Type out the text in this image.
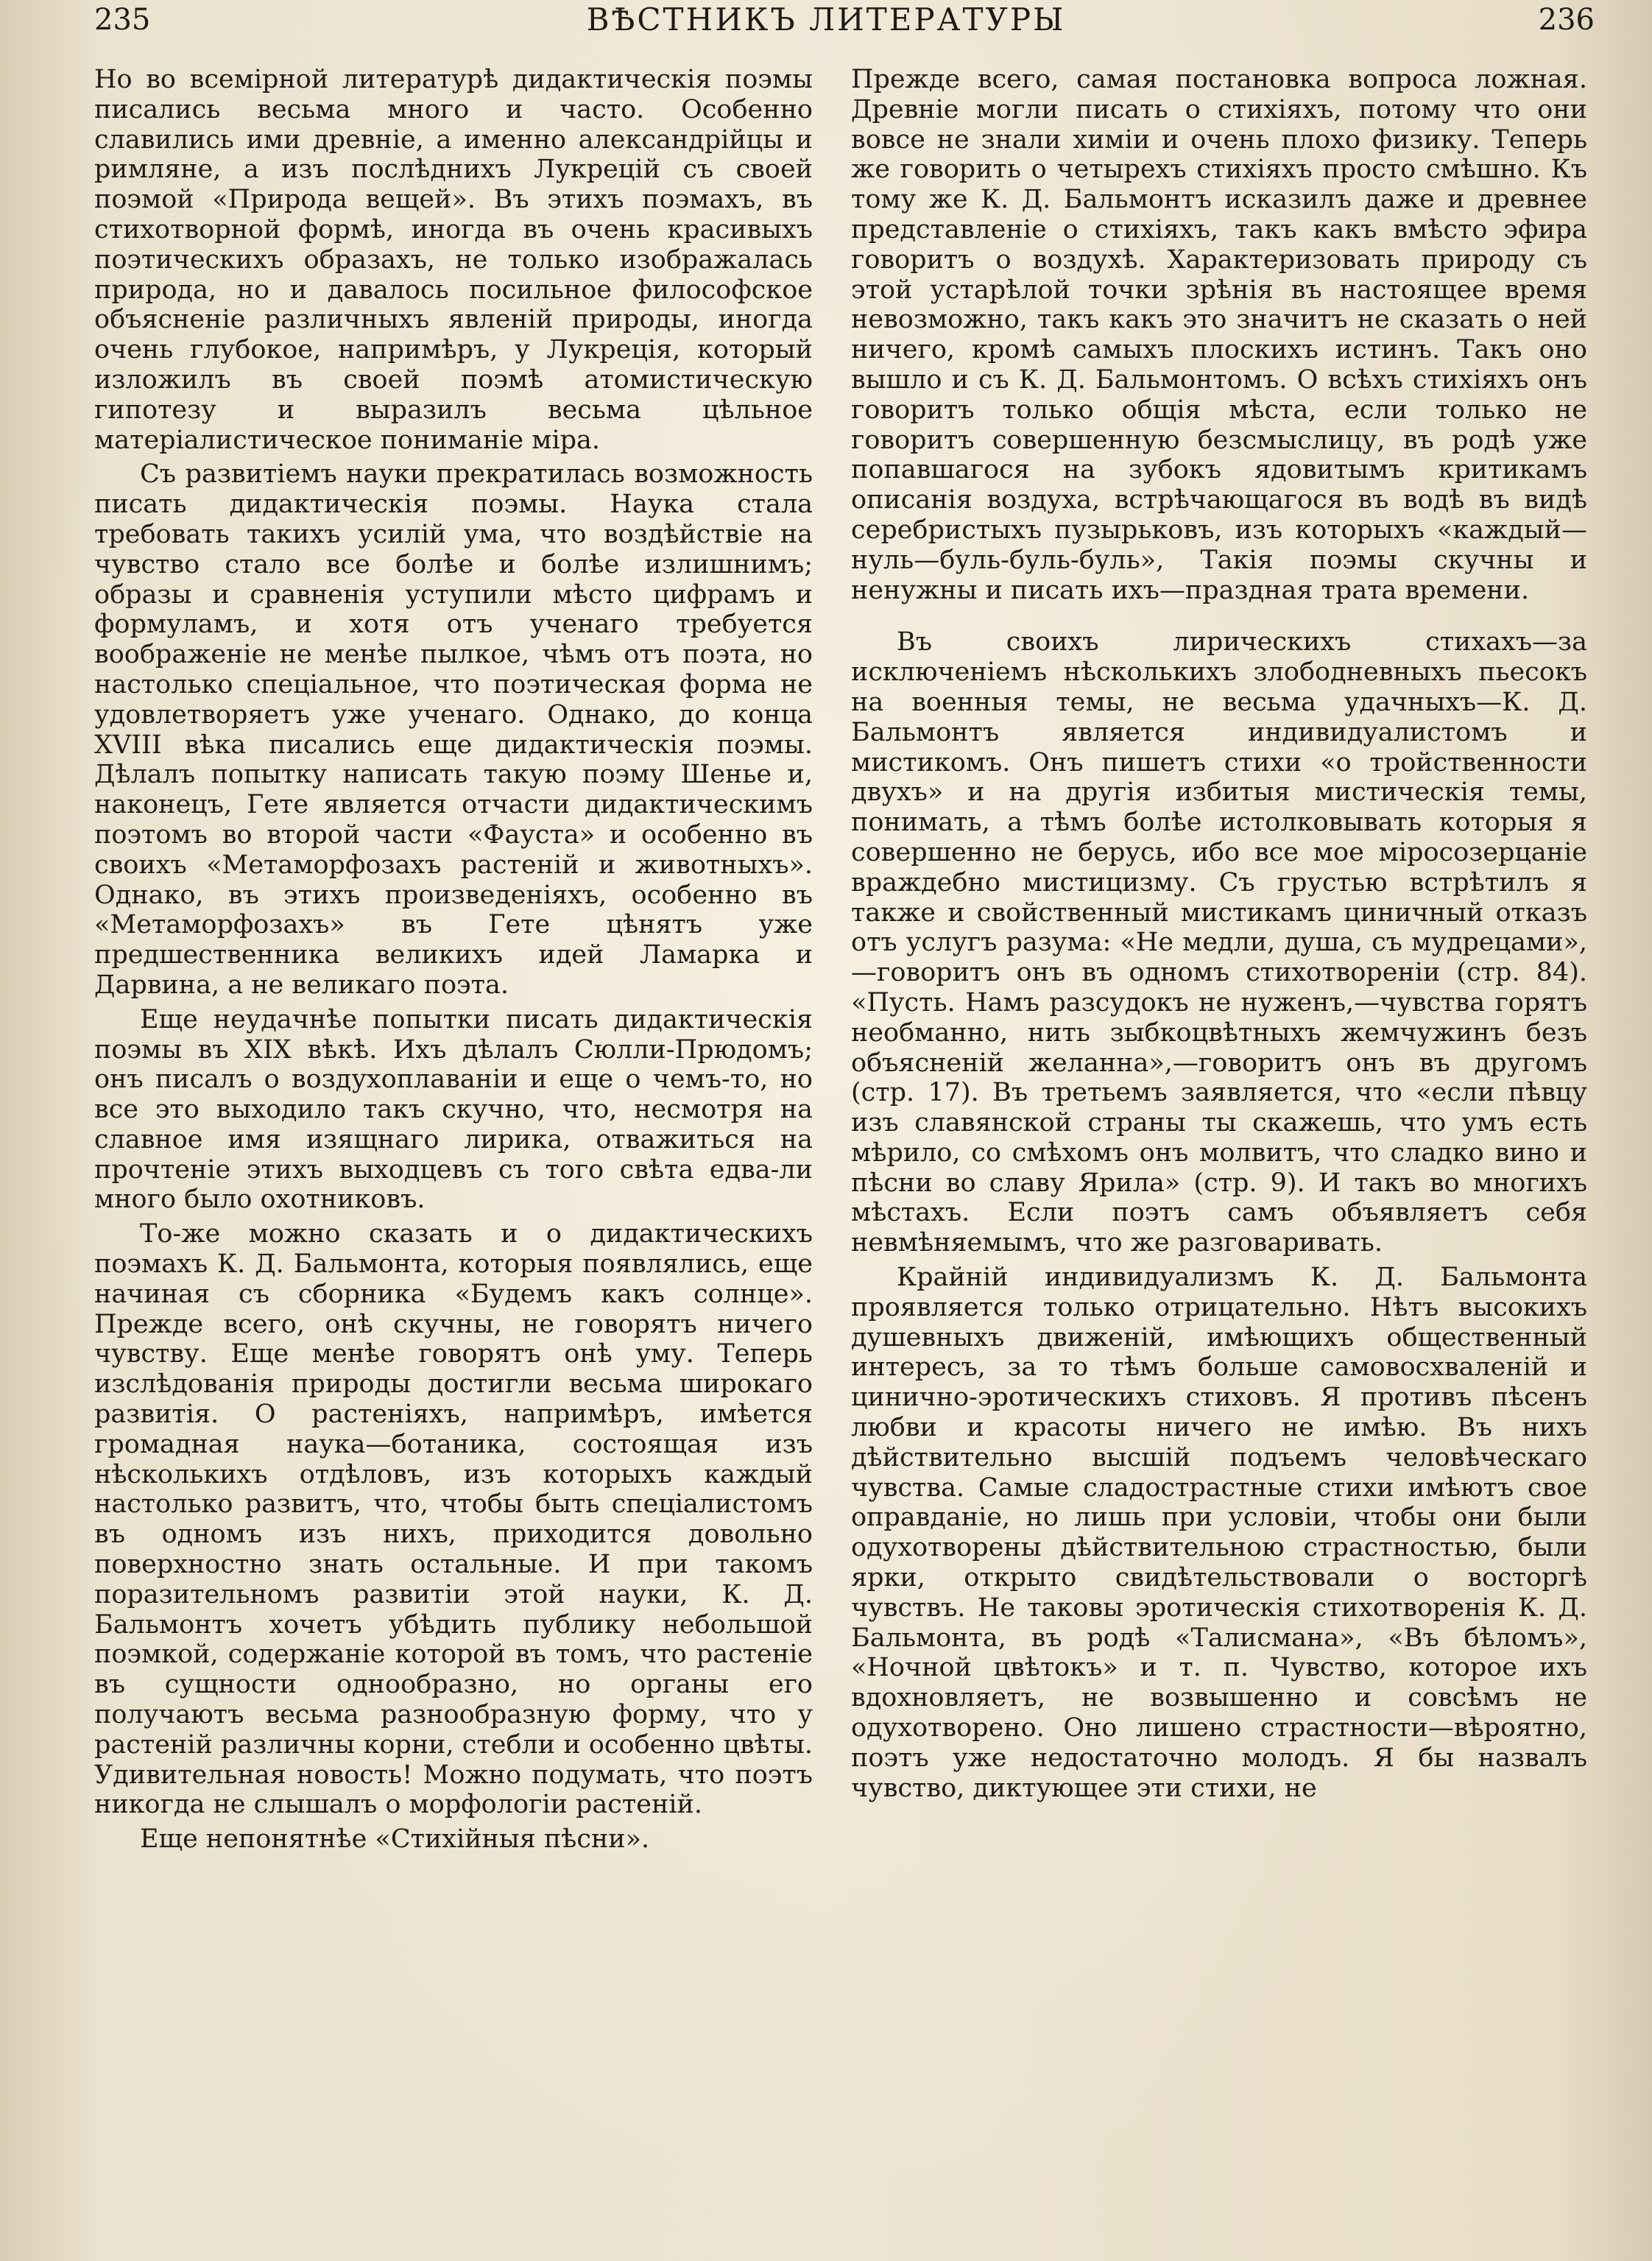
235	ВѢСТНИКЪ ЛИТЕРАТУРЫ	236

Но во всемірной литературѣ дидактическія поэмы писались весьма много и часто. Особенно славились ими древніе, а именно александрійцы и римляне, а изъ послѣднихъ Лукрецій съ своей поэмой «Природа вещей». Въ этихъ поэмахъ, въ стихотворной формѣ, иногда въ очень красивыхъ поэтическихъ образахъ, не только изображалась природа, но и давалось посильное философское объясненіе различныхъ явленій природы, иногда очень глубокое, напримѣръ, у Лукреція, который изложилъ въ своей поэмѣ атомистическую гипотезу и выразилъ весьма цѣльное матеріалистическое пониманіе міра.

Съ развитіемъ науки прекратилась возможность писать дидактическія поэмы. Наука стала требовать такихъ усилій ума, что воздѣйствіе на чувство стало все болѣе и болѣе излишнимъ; образы и сравненія уступили мѣсто цифрамъ и формуламъ, и хотя отъ ученаго требуется воображеніе не менѣе пылкое, чѣмъ отъ поэта, но настолько спеціальное, что поэтическая форма не удовлетворяетъ уже ученаго. Однако, до конца XVIII вѣка писались еще дидактическія поэмы. Дѣлалъ попытку написать такую поэму Шенье и, наконецъ, Гете является отчасти дидактическимъ поэтомъ во второй части «Фауста» и особенно въ своихъ «Метаморфозахъ растеній и животныхъ». Однако, въ этихъ произведеніяхъ, особенно въ «Метаморфозахъ» въ Гете цѣнятъ уже предшественника великихъ идей Ламарка и Дарвина, а не великаго поэта.

Еще неудачнѣе попытки писать дидактическія поэмы въ XIX вѣкѣ. Ихъ дѣлалъ Сюлли-Прюдомъ; онъ писалъ о воздухоплаваніи и еще о чемъ-то, но все это выходило такъ скучно, что, несмотря на славное имя изящнаго лирика, отважиться на прочтеніе этихъ выходцевъ съ того свѣта едва-ли много было охотниковъ.

То-же можно сказать и о дидактическихъ поэмахъ К. Д. Бальмонта, которыя появлялись, еще начиная съ сборника «Будемъ какъ солнце». Прежде всего, онѣ скучны, не говорятъ ничего чувству. Еще менѣе говорятъ онѣ уму. Теперь изслѣдованія природы достигли весьма широкаго развитія. О растеніяхъ, напримѣръ, имѣется громадная наука—ботаника, состоящая изъ нѣсколькихъ отдѣловъ, изъ которыхъ каждый настолько развитъ, что, чтобы быть спеціалистомъ въ одномъ изъ нихъ, приходится довольно поверхностно знать остальные. И при такомъ поразительномъ развитіи этой науки, К. Д. Бальмонтъ хочетъ убѣдить публику небольшой поэмкой, содержаніе которой въ томъ, что растеніе въ сущности однообразно, но органы его получаютъ весьма разнообразную форму, что у растеній различны корни, стебли и особенно цвѣты. Удивительная новость! Можно подумать, что поэтъ никогда не слышалъ о морфологіи растеній.

Еще непонятнѣе «Стихійныя пѣсни».

Прежде всего, самая постановка вопроса ложная. Древніе могли писать о стихіяхъ, потому что они вовсе не знали химіи и очень плохо физику. Теперь же говорить о четырехъ стихіяхъ просто смѣшно. Къ тому же К. Д. Бальмонтъ исказилъ даже и древнее представленіе о стихіяхъ, такъ какъ вмѣсто эфира говоритъ о воздухѣ. Характеризовать природу съ этой устарѣлой точки зрѣнія въ настоящее время невозможно, такъ какъ это значитъ не сказать о ней ничего, кромѣ самыхъ плоскихъ истинъ. Такъ оно вышло и съ К. Д. Бальмонтомъ. О всѣхъ стихіяхъ онъ говоритъ только общія мѣста, если только не говоритъ совершенную безсмыслицу, въ родѣ уже попавшагося на зубокъ ядовитымъ критикамъ описанія воздуха, встрѣчающагося въ водѣ въ видѣ серебристыхъ пузырьковъ, изъ которыхъ «каждый—нуль—буль-буль-буль», Такія поэмы скучны и ненужны и писать ихъ—праздная трата времени.

Въ своихъ лирическихъ стихахъ—за исключеніемъ нѣсколькихъ злободневныхъ пьесокъ на военныя темы, не весьма удачныхъ—К. Д. Бальмонтъ является индивидуалистомъ и мистикомъ. Онъ пишетъ стихи «о тройственности двухъ» и на другія избитыя мистическія темы, понимать, а тѣмъ болѣе истолковывать которыя я совершенно не берусь, ибо все мое міросозерцаніе враждебно мистицизму. Съ грустью встрѣтилъ я также и свойственный мистикамъ циничный отказъ отъ услугъ разума: «Не медли, душа, съ мудрецами»,—говоритъ онъ въ одномъ стихотвореніи (стр. 84). «Пусть. Намъ разсудокъ не нуженъ,—чувства горятъ необманно, нить зыбкоцвѣтныхъ жемчужинъ безъ объясненій желанна»,—говоритъ онъ въ другомъ (стр. 17). Въ третьемъ заявляется, что «если пѣвцу изъ славянской страны ты скажешь, что умъ есть мѣрило, со смѣхомъ онъ молвитъ, что сладко вино и пѣсни во славу Ярила» (стр. 9). И такъ во многихъ мѣстахъ. Если поэтъ самъ объявляетъ себя невмѣняемымъ, что же разговаривать.

Крайній индивидуализмъ К. Д. Бальмонта проявляется только отрицательно. Нѣтъ высокихъ душевныхъ движеній, имѣющихъ общественный интересъ, за то тѣмъ больше самовосхваленій и цинично-эротическихъ стиховъ. Я противъ пѣсенъ любви и красоты ничего не имѣю. Въ нихъ дѣйствительно высшій подъемъ человѣческаго чувства. Самые сладострастные стихи имѣютъ свое оправданіе, но лишь при условіи, чтобы они были одухотворены дѣйствительною страстностью, были ярки, открыто свидѣтельствовали о восторгѣ чувствъ. Не таковы эротическія стихотворенія К. Д. Бальмонта, въ родѣ «Талисмана», «Въ бѣломъ», «Ночной цвѣтокъ» и т. п. Чувство, которое ихъ вдохновляетъ, не возвышенно и совсѣмъ не одухотворено. Оно лишено страстности—вѣроятно, поэтъ уже недостаточно молодъ. Я бы назвалъ чувство, диктующее эти стихи, не
